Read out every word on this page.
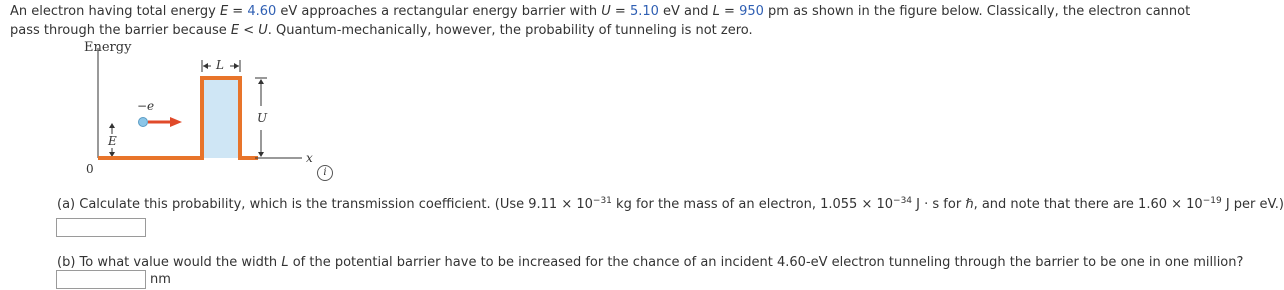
An electron having total energy E = 4.60 eV approaches a rectangular energy barrier with U = 5.10 eV and L = 950 pm as shown in the figure below. Classically, the electron cannot pass through the barrier because E < U. Quantum-mechanically, however, the probability of tunneling is not zero.
Energy
L
−e
U
E
x
0	i
(a) Calculate this probability, which is the transmission coefficient. (Use $9.11 \times 10^{-31}$ kg for the mass of an electron, $1.055 \times 10^{-34}$ J · s for ℏ, and note that there are $1.60 \times 10^{-19}$ J per eV.)
(b) To what value would the width L of the potential barrier have to be increased for the chance of an incident 4.60-eV electron tunneling through the barrier to be one in one million?
nm
